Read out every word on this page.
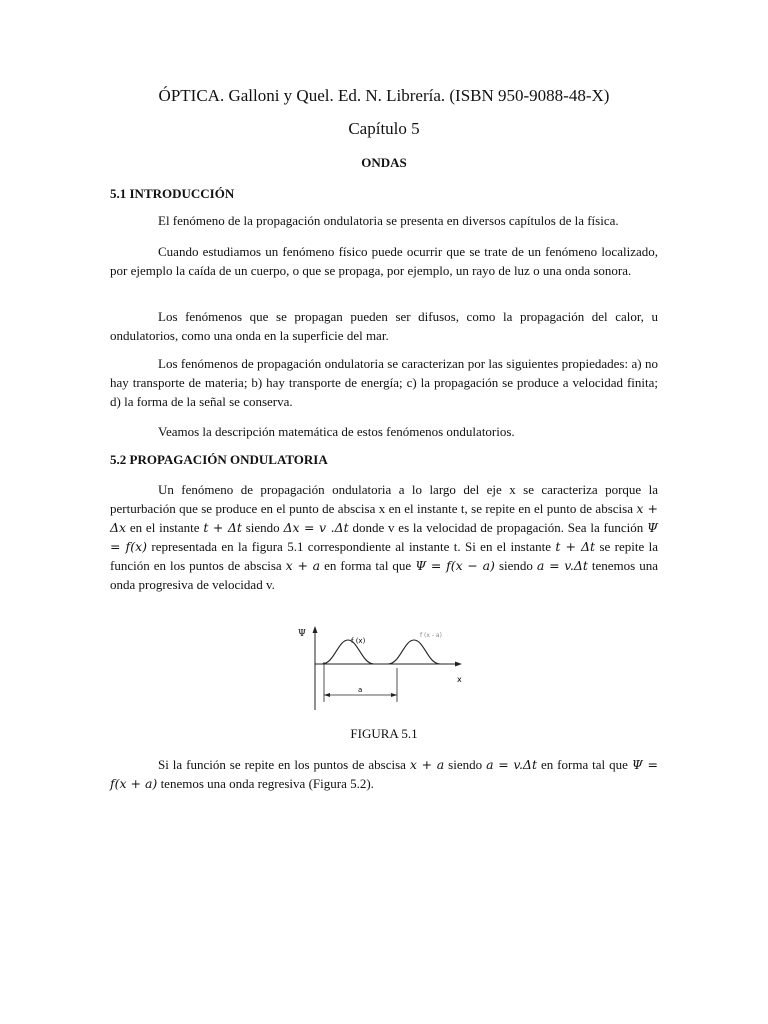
ÓPTICA. Galloni y Quel. Ed. N. Librería. (ISBN 950-9088-48-X)
Capítulo 5
ONDAS
5.1 INTRODUCCIÓN
El fenómeno de la propagación ondulatoria se presenta en diversos capítulos de la física.
Cuando estudiamos un fenómeno físico puede ocurrir que se trate de un fenómeno localizado, por ejemplo la caída de un cuerpo, o que se propaga, por ejemplo, un rayo de luz o una onda sonora.
Los fenómenos que se propagan pueden ser difusos, como la propagación del calor, u ondulatorios, como una onda en la superficie del mar.
Los fenómenos de propagación ondulatoria se caracterizan por las siguientes propiedades: a) no hay transporte de materia; b) hay transporte de energía; c) la propagación se produce a velocidad finita; d) la forma de la señal se conserva.
Veamos la descripción matemática de estos fenómenos ondulatorios.
5.2 PROPAGACIÓN ONDULATORIA
Un fenómeno de propagación ondulatoria a lo largo del eje x se caracteriza porque la perturbación que se produce en el punto de abscisa x en el instante t, se repite en el punto de abscisa x + Δx en el instante t + Δt siendo Δx = v .Δt donde v es la velocidad de propagación. Sea la función Ψ = f(x) representada en la figura 5.1 correspondiente al instante t. Si en el instante t + Δt se repite la función en los puntos de abscisa x + a en forma tal que Ψ = f(x − a) siendo a = v.Δt tenemos una onda progresiva de velocidad v.
Ψ
x
f (x)
f (x - a)
a
FIGURA 5.1
Si la función se repite en los puntos de abscisa x + a siendo a = v.Δt en forma tal que Ψ = f(x + a) tenemos una onda regresiva (Figura 5.2).
